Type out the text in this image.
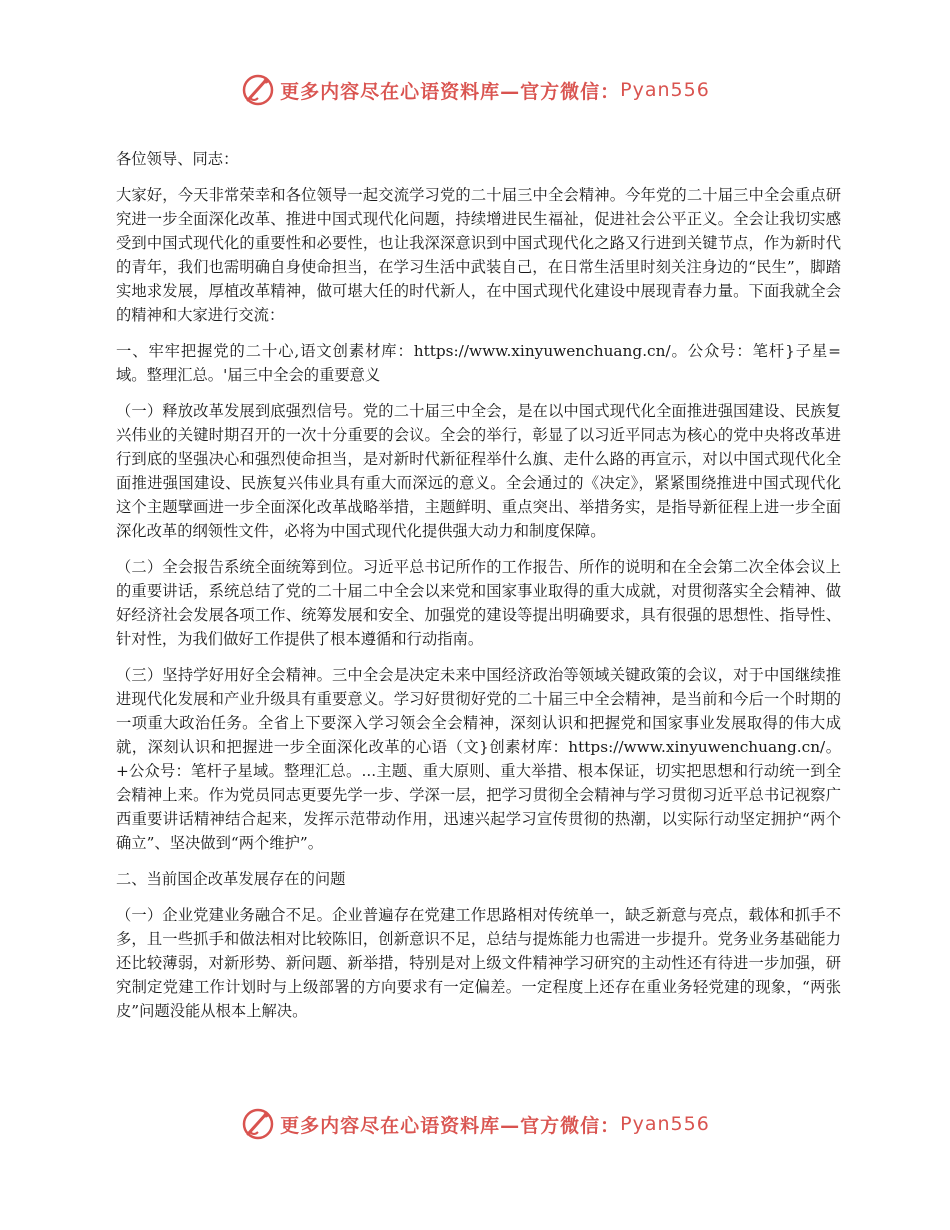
更多内容尽在心语资料库—官方微信： Pyan556

各位领导、同志：

大家好，今天非常荣幸和各位领导一起交流学习党的二十届三中全会精神。今年党的二十届三中全会重点研究进一步全面深化改革、推进中国式现代化问题，持续增进民生福祉，促进社会公平正义。全会让我切实感受到中国式现代化的重要性和必要性，也让我深深意识到中国式现代化之路又行进到关键节点，作为新时代的青年，我们也需明确自身使命担当，在学习生活中武装自己，在日常生活里时刻关注身边的“民生”，脚踏实地求发展，厚植改革精神，做可堪大任的时代新人，在中国式现代化建设中展现青春力量。下面我就全会的精神和大家进行交流：

一、牢牢把握党的二十心,语文创素材库：https://www.xinyuwenchuang.cn/。公众号：笔杆}子星=域。整理汇总。'届三中全会的重要意义

（一）释放改革发展到底强烈信号。党的二十届三中全会，是在以中国式现代化全面推进强国建设、民族复兴伟业的关键时期召开的一次十分重要的会议。全会的举行，彰显了以习近平同志为核心的党中央将改革进行到底的坚强决心和强烈使命担当，是对新时代新征程举什么旗、走什么路的再宣示，对以中国式现代化全面推进强国建设、民族复兴伟业具有重大而深远的意义。全会通过的《决定》，紧紧围绕推进中国式现代化这个主题擘画进一步全面深化改革战略举措，主题鲜明、重点突出、举措务实，是指导新征程上进一步全面深化改革的纲领性文件，必将为中国式现代化提供强大动力和制度保障。

（二）全会报告系统全面统筹到位。习近平总书记所作的工作报告、所作的说明和在全会第二次全体会议上的重要讲话，系统总结了党的二十届二中全会以来党和国家事业取得的重大成就，对贯彻落实全会精神、做好经济社会发展各项工作、统筹发展和安全、加强党的建设等提出明确要求，具有很强的思想性、指导性、针对性，为我们做好工作提供了根本遵循和行动指南。

（三）坚持学好用好全会精神。三中全会是决定未来中国经济政治等领域关键政策的会议，对于中国继续推进现代化发展和产业升级具有重要意义。学习好贯彻好党的二十届三中全会精神，是当前和今后一个时期的一项重大政治任务。全省上下要深入学习领会全会精神，深刻认识和把握党和国家事业发展取得的伟大成就，深刻认识和把握进一步全面深化改革的心语（文}创素材库：https://www.xinyuwenchuang.cn/。+公众号：笔杆子星域。整理汇总。...主题、重大原则、重大举措、根本保证，切实把思想和行动统一到全会精神上来。作为党员同志更要先学一步、学深一层，把学习贯彻全会精神与学习贯彻习近平总书记视察广西重要讲话精神结合起来，发挥示范带动作用，迅速兴起学习宣传贯彻的热潮，以实际行动坚定拥护“两个确立”、坚决做到“两个维护”。

二、当前国企改革发展存在的问题

（一）企业党建业务融合不足。企业普遍存在党建工作思路相对传统单一，缺乏新意与亮点，载体和抓手不多，且一些抓手和做法相对比较陈旧，创新意识不足，总结与提炼能力也需进一步提升。党务业务基础能力还比较薄弱，对新形势、新问题、新举措，特别是对上级文件精神学习研究的主动性还有待进一步加强，研究制定党建工作计划时与上级部署的方向要求有一定偏差。一定程度上还存在重业务轻党建的现象，“两张皮”问题没能从根本上解决。

更多内容尽在心语资料库—官方微信： Pyan556
